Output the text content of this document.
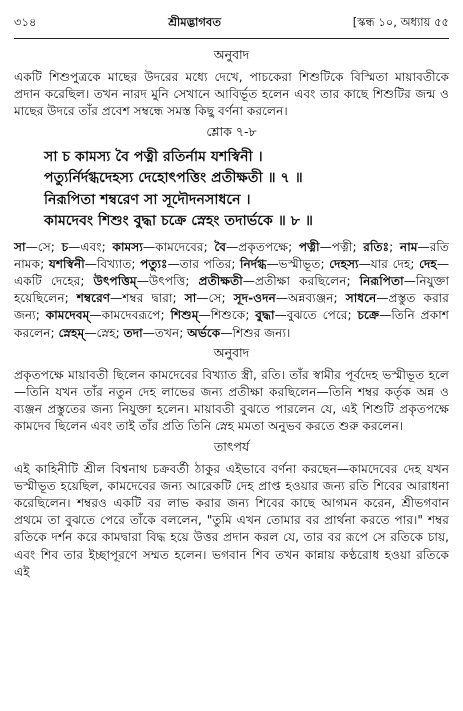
৩১৪	শ্রীমদ্ভাগবত	[স্কন্ধ ১০, অধ্যায় ৫৫
অনুবাদ

একটি শিশুপুত্রকে মাছের উদরের মধ্যে দেখে, পাচকেরা শিশুটিকে বিস্মিতা মায়াবতীকে প্রদান করেছিল। তখন নারদ মুনি সেখানে আবির্ভূত হলেন এবং তার কাছে শিশুটির জন্ম ও মাছের উদরে তাঁর প্রবেশ সম্বন্ধে সমস্ত কিছু বর্ণনা করলেন।

শ্লোক ৭-৮
সা চ কামস্য বৈ পত্নী রতির্নাম যশস্বিনী ।
পত্যুর্নির্দগ্ধদেহস্য দেহোৎপত্তিং প্রতীক্ষতী ॥ ৭ ॥
নিরূপিতা শম্বরেণ সা সূদৌদনসাধনে ।
কামদেবং শিশুং বুদ্ধা চক্রে স্নেহং তদার্ভকে ॥ ৮ ॥

সা—সে; চ—এবং; কামস্য—কামদেবের; বৈ—প্রকৃতপক্ষে; পত্নী—পত্নী; রতিঃ; নাম—রতি নামক; যশস্বিনী—বিখ্যাত; পত্যুঃ—তার পতির; নির্দগ্ধ—ভস্মীভূত; দেহস্য—যার দেহ; দেহ—একটি দেহের; উৎপত্তিম্—উৎপত্তি; প্রতীক্ষতী—প্রতীক্ষা করছিলেন; নিরূপিতা—নিযুক্তা হয়েছিলেন; শম্বরেণ—শম্বর দ্বারা; সা—সে; সূদ-ওদন—অন্নব্যঞ্জন; সাধনে—প্রস্তুত করার জন্য; কামদেবম্—কামদেবরূপে; শিশুম্—শিশুকে; বুদ্ধা—বুঝতে পেরে; চক্রে—তিনি প্রকাশ করলেন; স্নেহম্—স্নেহ; তদা—তখন; অর্ভকে—শিশুর জন্য।

অনুবাদ

প্রকৃতপক্ষে মায়াবতী ছিলেন কামদেবের বিখ্যাত স্ত্রী, রতি। তাঁর স্বামীর পূর্বদেহ ভস্মীভূত হলে—তিনি যখন তাঁর নতুন দেহ লাভের জন্য প্রতীক্ষা করছিলেন—তিনি শম্বর কর্তৃক অন্ন ও ব্যঞ্জন প্রস্তুতের জন্য নিযুক্তা হলেন। মায়াবতী বুঝতে পারলেন যে, এই শিশুটি প্রকৃতপক্ষে কামদেব ছিলেন এবং তাই তাঁর প্রতি তিনি স্নেহ মমতা অনুভব করতে শুরু করলেন।

তাৎপর্য

এই কাহিনীটি শ্রীল বিশ্বনাথ চক্রবর্তী ঠাকুর এইভাবে বর্ণনা করছেন—কামদেবের দেহ যখন ভস্মীভূত হয়েছিল, কামদেবের জন্য আরেকটি দেহ প্রাপ্ত হওয়ার জন্য রতি শিবের আরাধনা করেছিলেন। শম্বরও একটি বর লাভ করার জন্য শিবের কাছে আগমন করেন, শ্রীভগবান প্রথমে তা বুঝতে পেরে তাঁকে বললেন, "তুমি এখন তোমার বর প্রার্থনা করতে পার।" শম্বর রতিকে দর্শন করে কামদ্বারা বিদ্ধ হয়ে উত্তর প্রদান করল যে, তার বর রূপে সে রতিকে চায়, এবং শিব তার ইচ্ছাপূরণে সম্মত হলেন। ভগবান শিব তখন কান্নায় কণ্ঠরোধ হওয়া রতিকে এই
